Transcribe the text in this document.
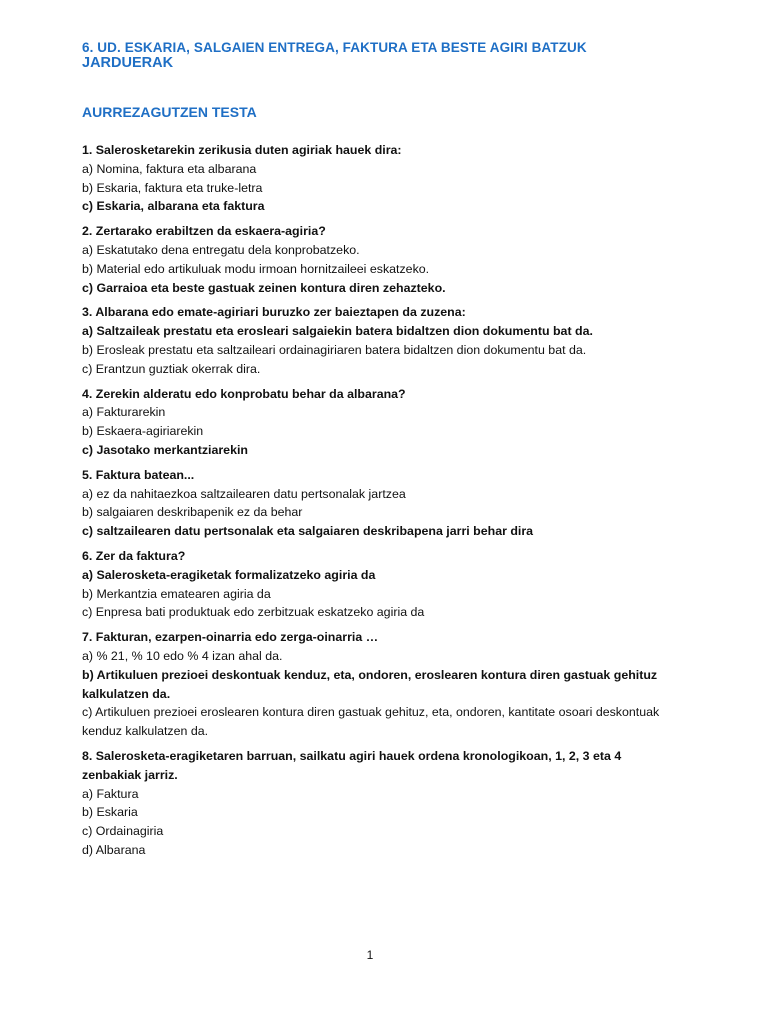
6. UD. ESKARIA, SALGAIEN ENTREGA, FAKTURA ETA BESTE AGIRI BATZUK
JARDUERAK
AURREZAGUTZEN TESTA
1. Salerosketarekin zerikusia duten agiriak hauek dira:
a) Nomina, faktura eta albarana
b) Eskaria, faktura eta truke-letra
c) Eskaria, albarana eta faktura
2. Zertarako erabiltzen da eskaera-agiria?
a) Eskatutako dena entregatu dela konprobatzeko.
b) Material edo artikuluak modu irmoan hornitzaileei eskatzeko.
c) Garraioa eta beste gastuak zeinen kontura diren zehazteko.
3. Albarana edo emate-agiriari buruzko zer baieztapen da zuzena:
a) Saltzaileak prestatu eta erosleari salgaiekin batera bidaltzen dion dokumentu bat da.
b) Erosleak prestatu eta saltzaileari ordainagiriaren batera bidaltzen dion dokumentu bat da.
c) Erantzun guztiak okerrak dira.
4. Zerekin alderatu edo konprobatu behar da albarana?
a) Fakturarekin
b) Eskaera-agiriarekin
c) Jasotako merkantziarekin
5. Faktura batean...
a) ez da nahitaezkoa saltzailearen datu pertsonalak jartzea
b) salgaiaren deskribapenik ez da behar
c) saltzailearen datu pertsonalak eta salgaiaren deskribapena jarri behar dira
6. Zer da faktura?
a) Salerosketa-eragiketak formalizatzeko agiria da
b) Merkantzia ematearen agiria da
c) Enpresa bati produktuak edo zerbitzuak eskatzeko agiria da
7. Fakturan, ezarpen-oinarria edo zerga-oinarria …
a) % 21, % 10 edo % 4 izan ahal da.
b) Artikuluen prezioei deskontuak kenduz, eta, ondoren, eroslearen kontura diren gastuak gehituz kalkulatzen da.
c) Artikuluen prezioei eroslearen kontura diren gastuak gehituz, eta, ondoren, kantitate osoari deskontuak kenduz kalkulatzen da.
8. Salerosketa-eragiketaren barruan, sailkatu agiri hauek ordena kronologikoan, 1, 2, 3 eta 4 zenbakiak jarriz.
a) Faktura
b) Eskaria
c) Ordainagiria
d) Albarana
1
